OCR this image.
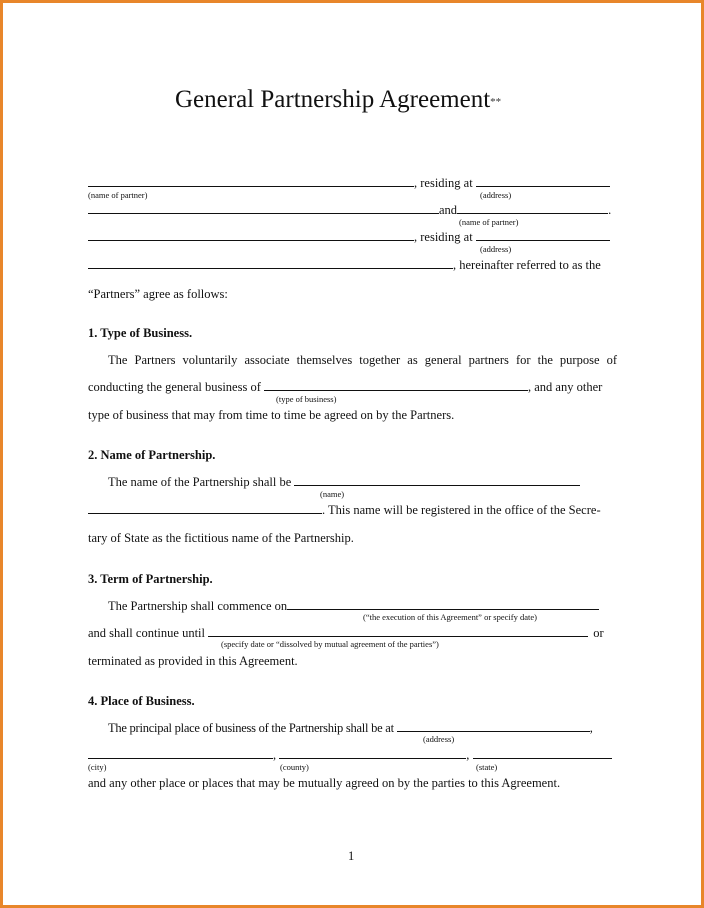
General Partnership Agreement**
, residing at
(name of partner)	(address)
and	.
(name of partner)
, residing at
(address)
, hereinafter referred to as the
“Partners” agree as follows:
1. Type of Business.
The Partners voluntarily associate themselves together as general partners for the purpose of
conducting the general business of	, and any other
(type of business)
type of business that may from time to time be agreed on by the Partners.
2. Name of Partnership.
The name of the Partnership shall be
(name)
. This name will be registered in the office of the Secre-
tary of State as the fictitious name of the Partnership.
3. Term of Partnership.
The Partnership shall commence on
(“the execution of this Agreement” or specify date)
and shall continue until	or
(specify date or “dissolved by mutual agreement of the parties”)
terminated as provided in this Agreement.
4. Place of Business.
The principal place of business of the Partnership shall be at	,
(address)
,	,
(city)	(county)	(state)
and any other place or places that may be mutually agreed on by the parties to this Agreement.
1
